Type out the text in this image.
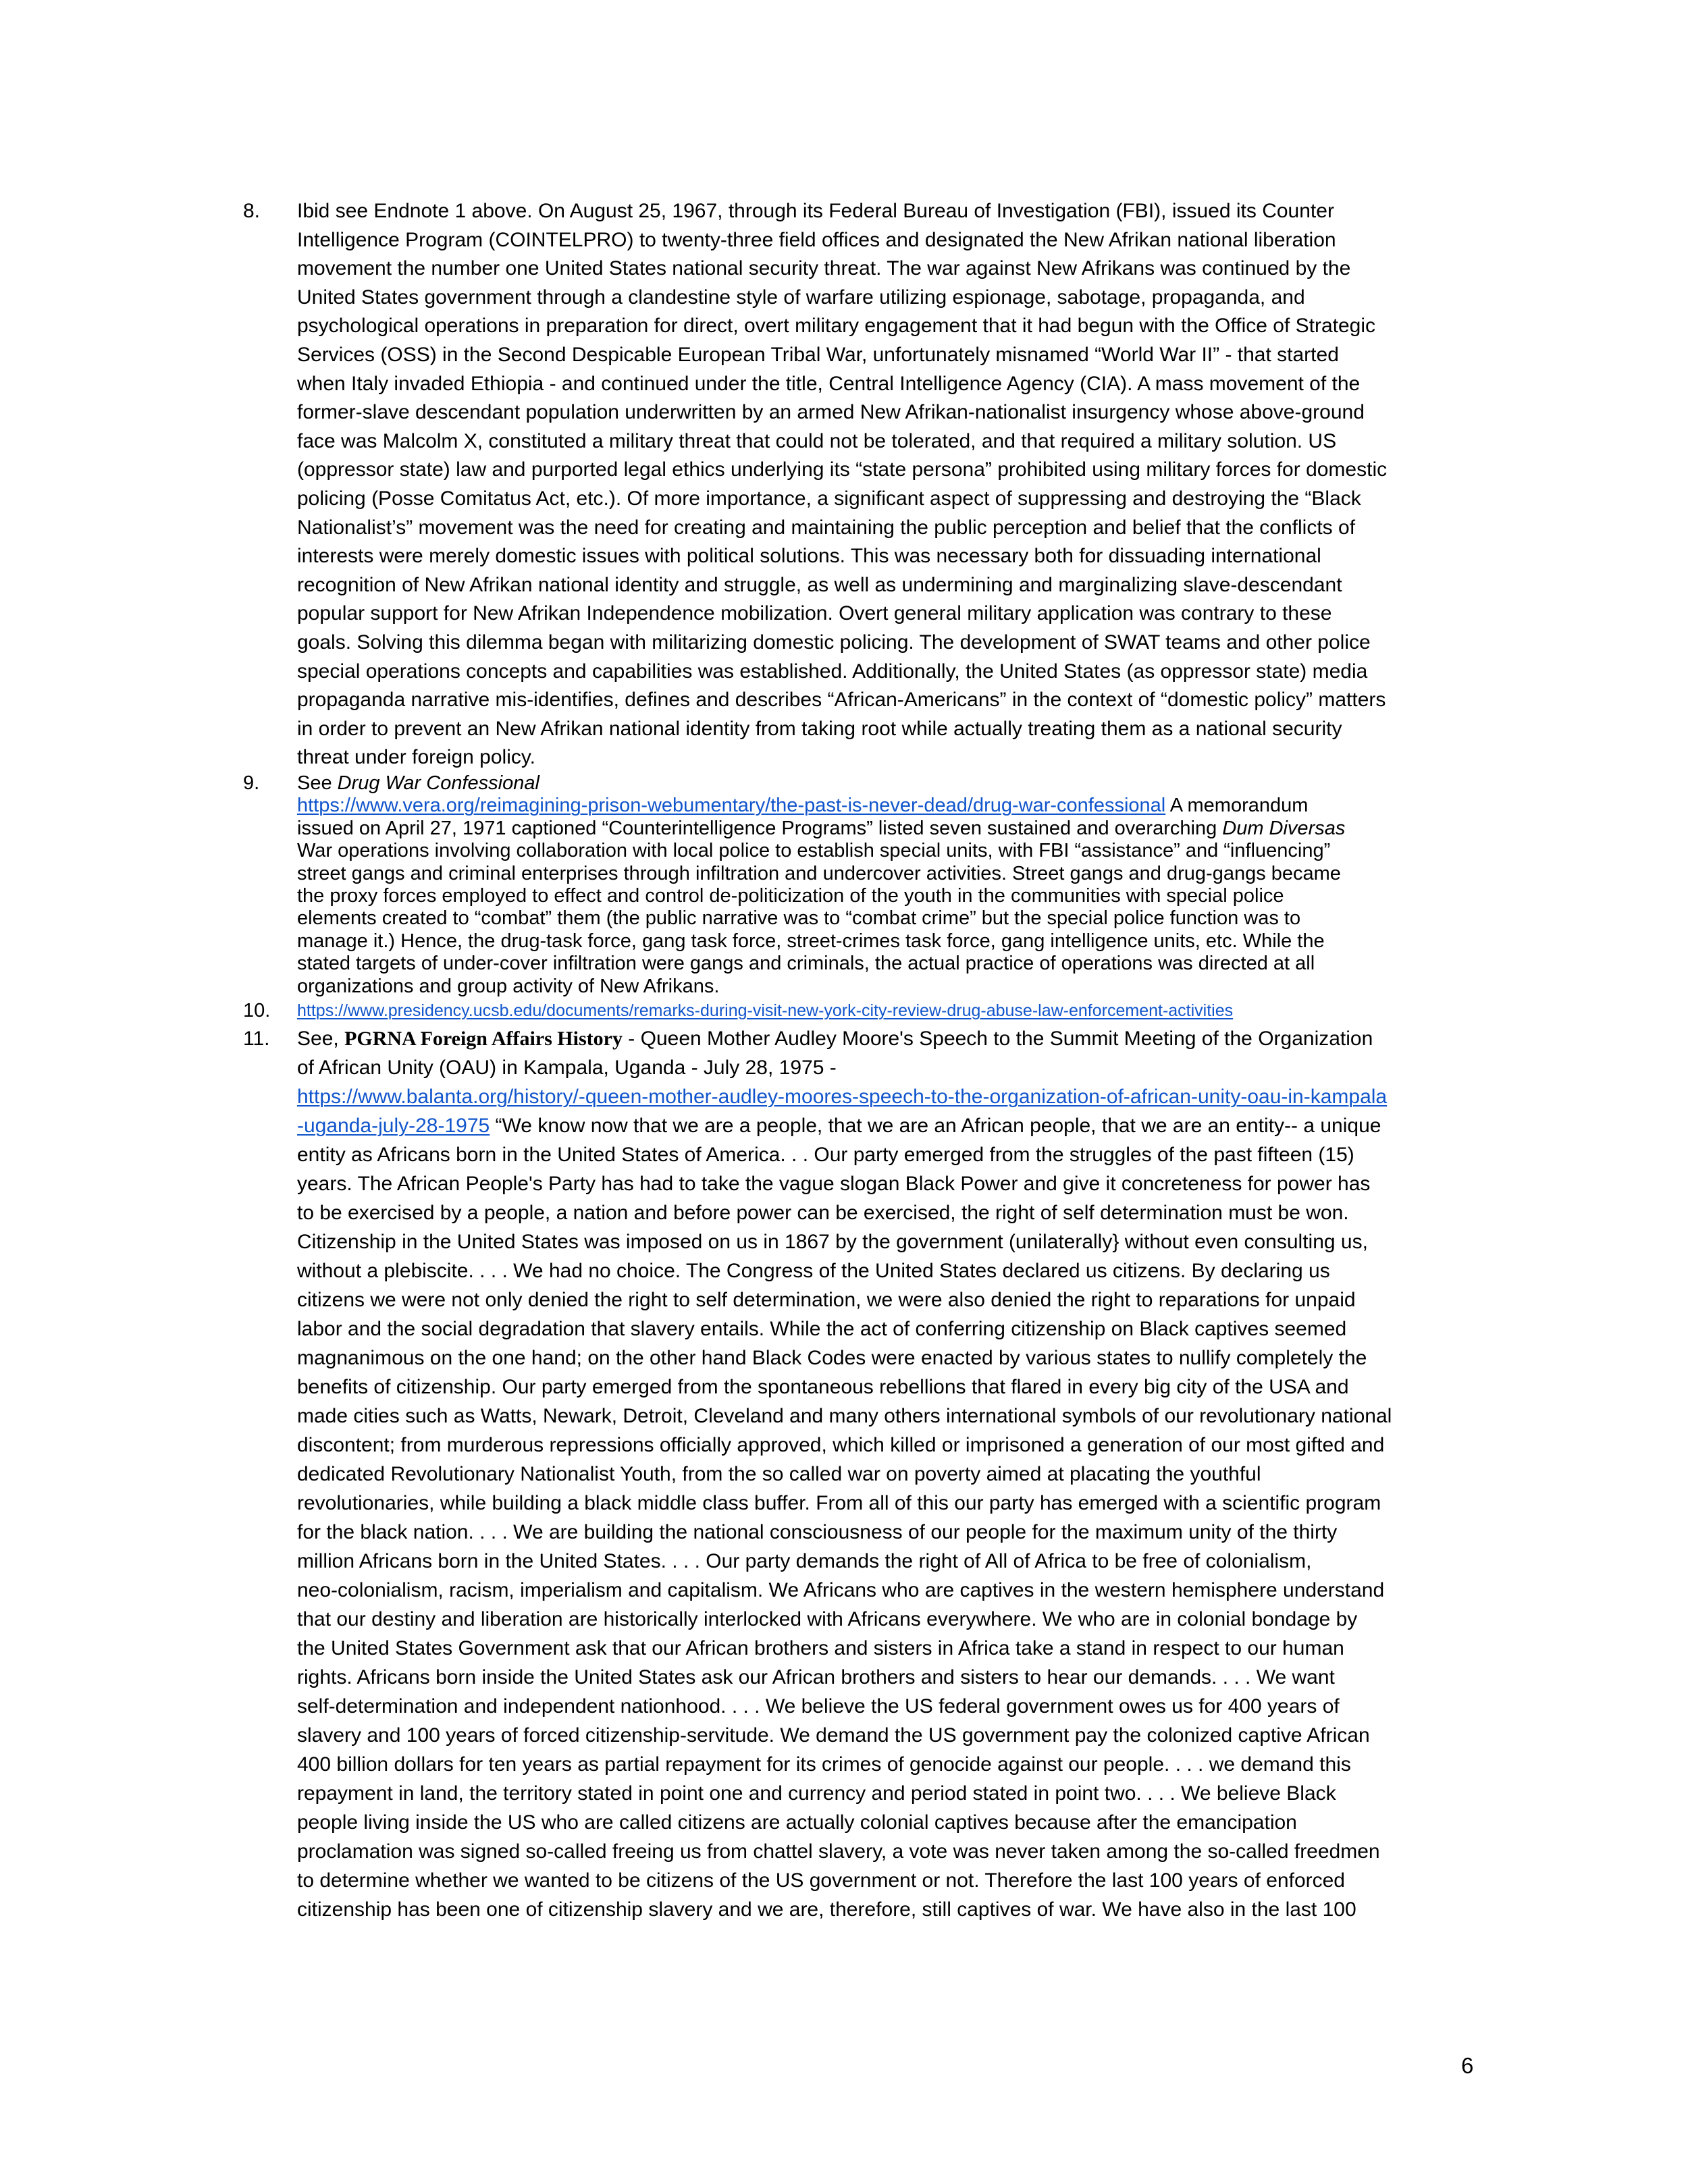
8.	Ibid see Endnote 1 above. On August 25, 1967, through its Federal Bureau of Investigation (FBI), issued its Counter
Intelligence Program (COINTELPRO) to twenty-three field offices and designated the New Afrikan national liberation
movement the number one United States national security threat. The war against New Afrikans was continued by the
United States government through a clandestine style of warfare utilizing espionage, sabotage, propaganda, and
psychological operations in preparation for direct, overt military engagement that it had begun with the Office of Strategic
Services (OSS) in the Second Despicable European Tribal War, unfortunately misnamed “World War II” - that started
when Italy invaded Ethiopia - and continued under the title, Central Intelligence Agency (CIA). A mass movement of the
former-slave descendant population underwritten by an armed New Afrikan-nationalist insurgency whose above-ground
face was Malcolm X, constituted a military threat that could not be tolerated, and that required a military solution. US
(oppressor state) law and purported legal ethics underlying its “state persona” prohibited using military forces for domestic
policing (Posse Comitatus Act, etc.). Of more importance, a significant aspect of suppressing and destroying the “Black
Nationalist’s” movement was the need for creating and maintaining the public perception and belief that the conflicts of
interests were merely domestic issues with political solutions. This was necessary both for dissuading international
recognition of New Afrikan national identity and struggle, as well as undermining and marginalizing slave-descendant
popular support for New Afrikan Independence mobilization. Overt general military application was contrary to these
goals. Solving this dilemma began with militarizing domestic policing. The development of SWAT teams and other police
special operations concepts and capabilities was established. Additionally, the United States (as oppressor state) media
propaganda narrative mis-identifies, defines and describes “African-Americans” in the context of “domestic policy” matters
in order to prevent an New Afrikan national identity from taking root while actually treating them as a national security
threat under foreign policy.
9.	See Drug War Confessional
https://www.vera.org/reimagining-prison-webumentary/the-past-is-never-dead/drug-war-confessional A memorandum
issued on April 27, 1971 captioned “Counterintelligence Programs” listed seven sustained and overarching Dum Diversas
War operations involving collaboration with local police to establish special units, with FBI “assistance” and “influencing”
street gangs and criminal enterprises through infiltration and undercover activities. Street gangs and drug-gangs became
the proxy forces employed to effect and control de-politicization of the youth in the communities with special police
elements created to “combat” them (the public narrative was to “combat crime” but the special police function was to
manage it.) Hence, the drug-task force, gang task force, street-crimes task force, gang intelligence units, etc. While the
stated targets of under-cover infiltration were gangs and criminals, the actual practice of operations was directed at all
organizations and group activity of New Afrikans.
10.	https://www.presidency.ucsb.edu/documents/remarks-during-visit-new-york-city-review-drug-abuse-law-enforcement-activities
11.	See, PGRNA Foreign Affairs History - Queen Mother Audley Moore's Speech to the Summit Meeting of the Organization
of African Unity (OAU) in Kampala, Uganda - July 28, 1975 -
https://www.balanta.org/history/-queen-mother-audley-moores-speech-to-the-organization-of-african-unity-oau-in-kampala
-uganda-july-28-1975 “We know now that we are a people, that we are an African people, that we are an entity-- a unique
entity as Africans born in the United States of America. . . Our party emerged from the struggles of the past fifteen (15)
years. The African People's Party has had to take the vague slogan Black Power and give it concreteness for power has
to be exercised by a people, a nation and before power can be exercised, the right of self determination must be won.
Citizenship in the United States was imposed on us in 1867 by the government (unilaterally} without even consulting us,
without a plebiscite. . . . We had no choice. The Congress of the United States declared us citizens. By declaring us
citizens we were not only denied the right to self determination, we were also denied the right to reparations for unpaid
labor and the social degradation that slavery entails. While the act of conferring citizenship on Black captives seemed
magnanimous on the one hand; on the other hand Black Codes were enacted by various states to nullify completely the
benefits of citizenship. Our party emerged from the spontaneous rebellions that flared in every big city of the USA and
made cities such as Watts, Newark, Detroit, Cleveland and many others international symbols of our revolutionary national
discontent; from murderous repressions officially approved, which killed or imprisoned a generation of our most gifted and
dedicated Revolutionary Nationalist Youth, from the so called war on poverty aimed at placating the youthful
revolutionaries, while building a black middle class buffer. From all of this our party has emerged with a scientific program
for the black nation. . . . We are building the national consciousness of our people for the maximum unity of the thirty
million Africans born in the United States. . . . Our party demands the right of All of Africa to be free of colonialism,
neo-colonialism, racism, imperialism and capitalism. We Africans who are captives in the western hemisphere understand
that our destiny and liberation are historically interlocked with Africans everywhere. We who are in colonial bondage by
the United States Government ask that our African brothers and sisters in Africa take a stand in respect to our human
rights. Africans born inside the United States ask our African brothers and sisters to hear our demands. . . . We want
self-determination and independent nationhood. . . . We believe the US federal government owes us for 400 years of
slavery and 100 years of forced citizenship-servitude. We demand the US government pay the colonized captive African
400 billion dollars for ten years as partial repayment for its crimes of genocide against our people. . . . we demand this
repayment in land, the territory stated in point one and currency and period stated in point two. . . . We believe Black
people living inside the US who are called citizens are actually colonial captives because after the emancipation
proclamation was signed so-called freeing us from chattel slavery, a vote was never taken among the so-called freedmen
to determine whether we wanted to be citizens of the US government or not. Therefore the last 100 years of enforced
citizenship has been one of citizenship slavery and we are, therefore, still captives of war. We have also in the last 100
6
